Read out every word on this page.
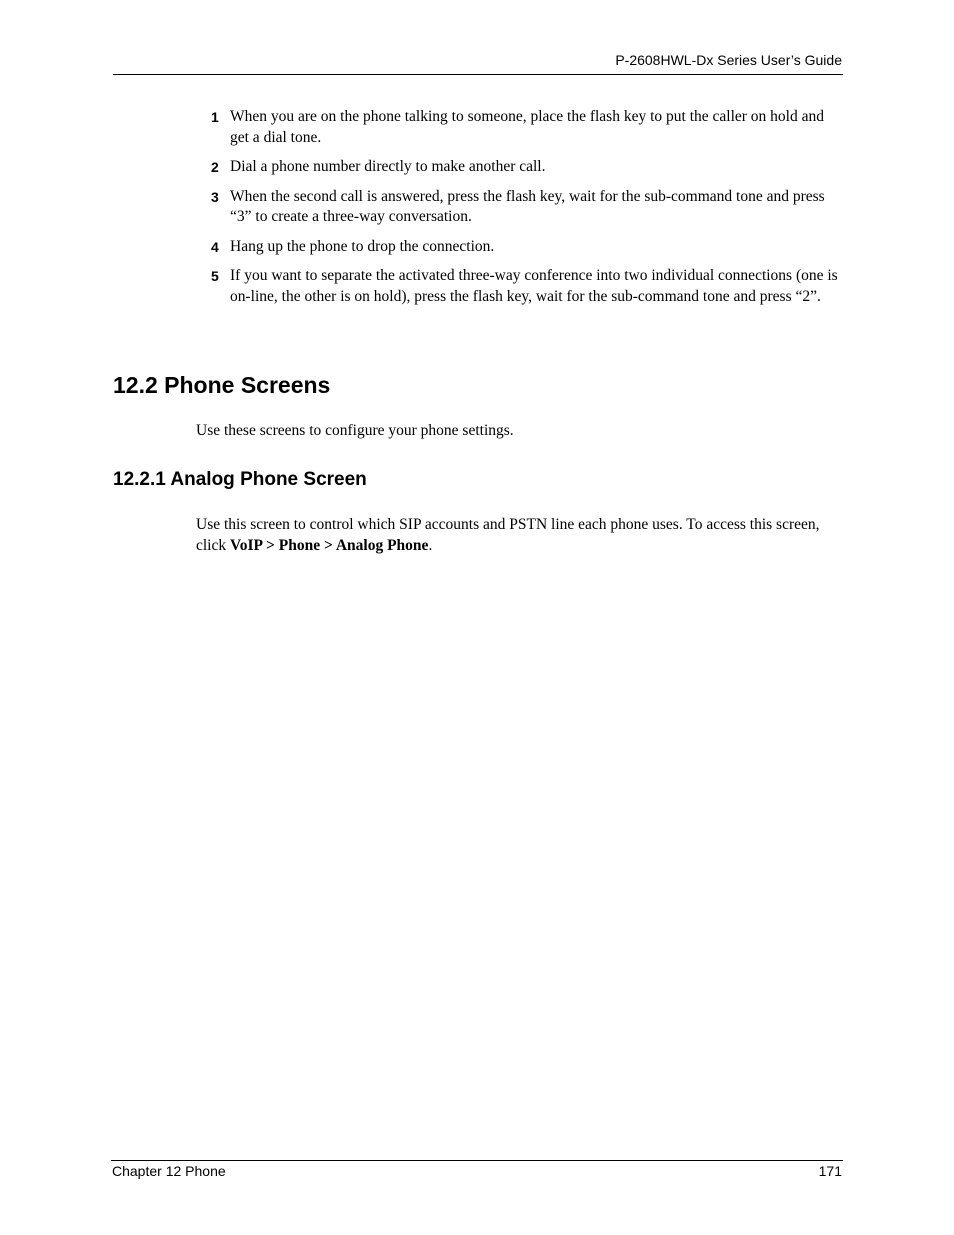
P-2608HWL-Dx Series User’s Guide
1 When you are on the phone talking to someone, place the flash key to put the caller on hold and get a dial tone.
2 Dial a phone number directly to make another call.
3 When the second call is answered, press the flash key, wait for the sub-command tone and press “3” to create a three-way conversation.
4 Hang up the phone to drop the connection.
5 If you want to separate the activated three-way conference into two individual connections (one is on-line, the other is on hold), press the flash key, wait for the sub-command tone and press “2”.
12.2 Phone Screens

Use these screens to configure your phone settings.

12.2.1 Analog Phone Screen

Use this screen to control which SIP accounts and PSTN line each phone uses. To access this screen, click VoIP > Phone > Analog Phone.

Chapter 12 Phone	171
